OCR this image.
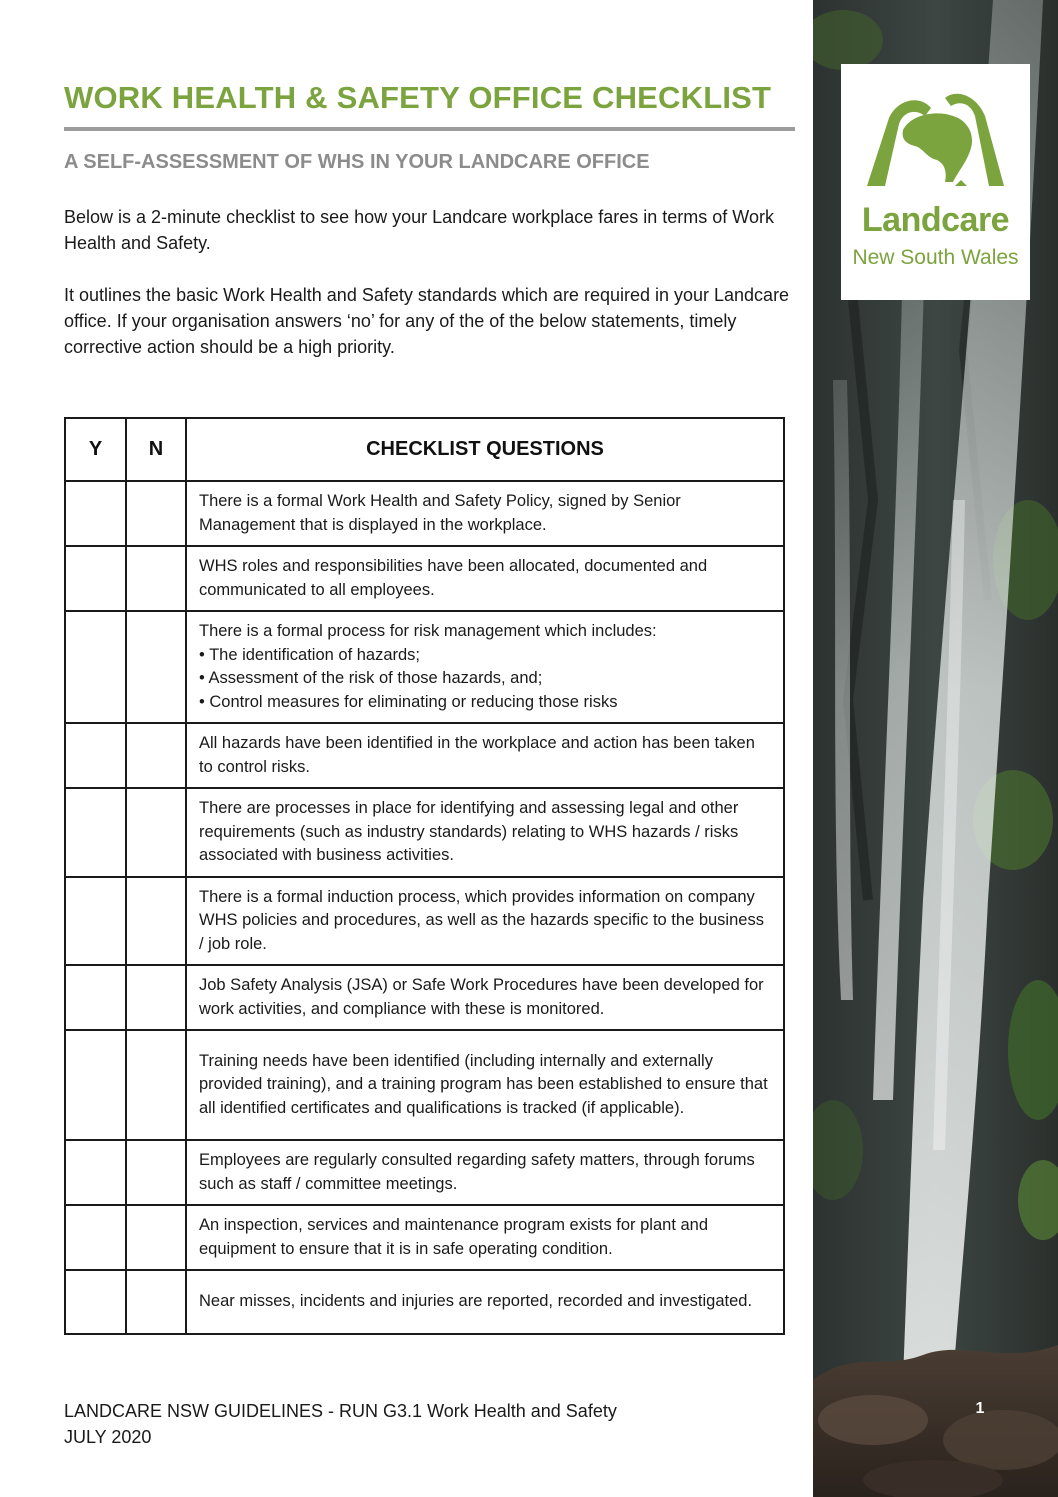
WORK HEALTH & SAFETY OFFICE CHECKLIST
A SELF-ASSESSMENT OF WHS IN YOUR LANDCARE OFFICE

Below is a 2-minute checklist to see how your Landcare workplace fares in terms of Work Health and Safety.

It outlines the basic Work Health and Safety standards which are required in your Landcare office. If your organisation answers ‘no’ for any of the of the below statements, timely corrective action should be a high priority.

Y	N	CHECKLIST QUESTIONS
		There is a formal Work Health and Safety Policy, signed by Senior Management that is displayed in the workplace.
		WHS roles and responsibilities have been allocated, documented and communicated to all employees.

		There is a formal process for risk management which includes:
• The identification of hazards;
• Assessment of the risk of those hazards, and;
• Control measures for eliminating or reducing those risks

		All hazards have been identified in the workplace and action has been taken to control risks.
		There are processes in place for identifying and assessing legal and other requirements (such as industry standards) relating to WHS hazards / risks associated with business activities.
		There is a formal induction process, which provides information on company WHS policies and procedures, as well as the hazards specific to the business / job role.
		Job Safety Analysis (JSA) or Safe Work Procedures have been developed for work activities, and compliance with these is monitored.
		Training needs have been identified (including internally and externally provided training), and a training program has been established to ensure that all identified certificates and qualifications is tracked (if applicable).
		Employees are regularly consulted regarding safety matters, through forums such as staff / committee meetings.
		An inspection, services and maintenance program exists for plant and equipment to ensure that it is in safe operating condition.
		Near misses, incidents and injuries are reported, recorded and investigated.

LANDCARE NSW GUIDELINES - RUN G3.1 Work Health and Safety
JULY 2020

Landcare
New South Wales
1
